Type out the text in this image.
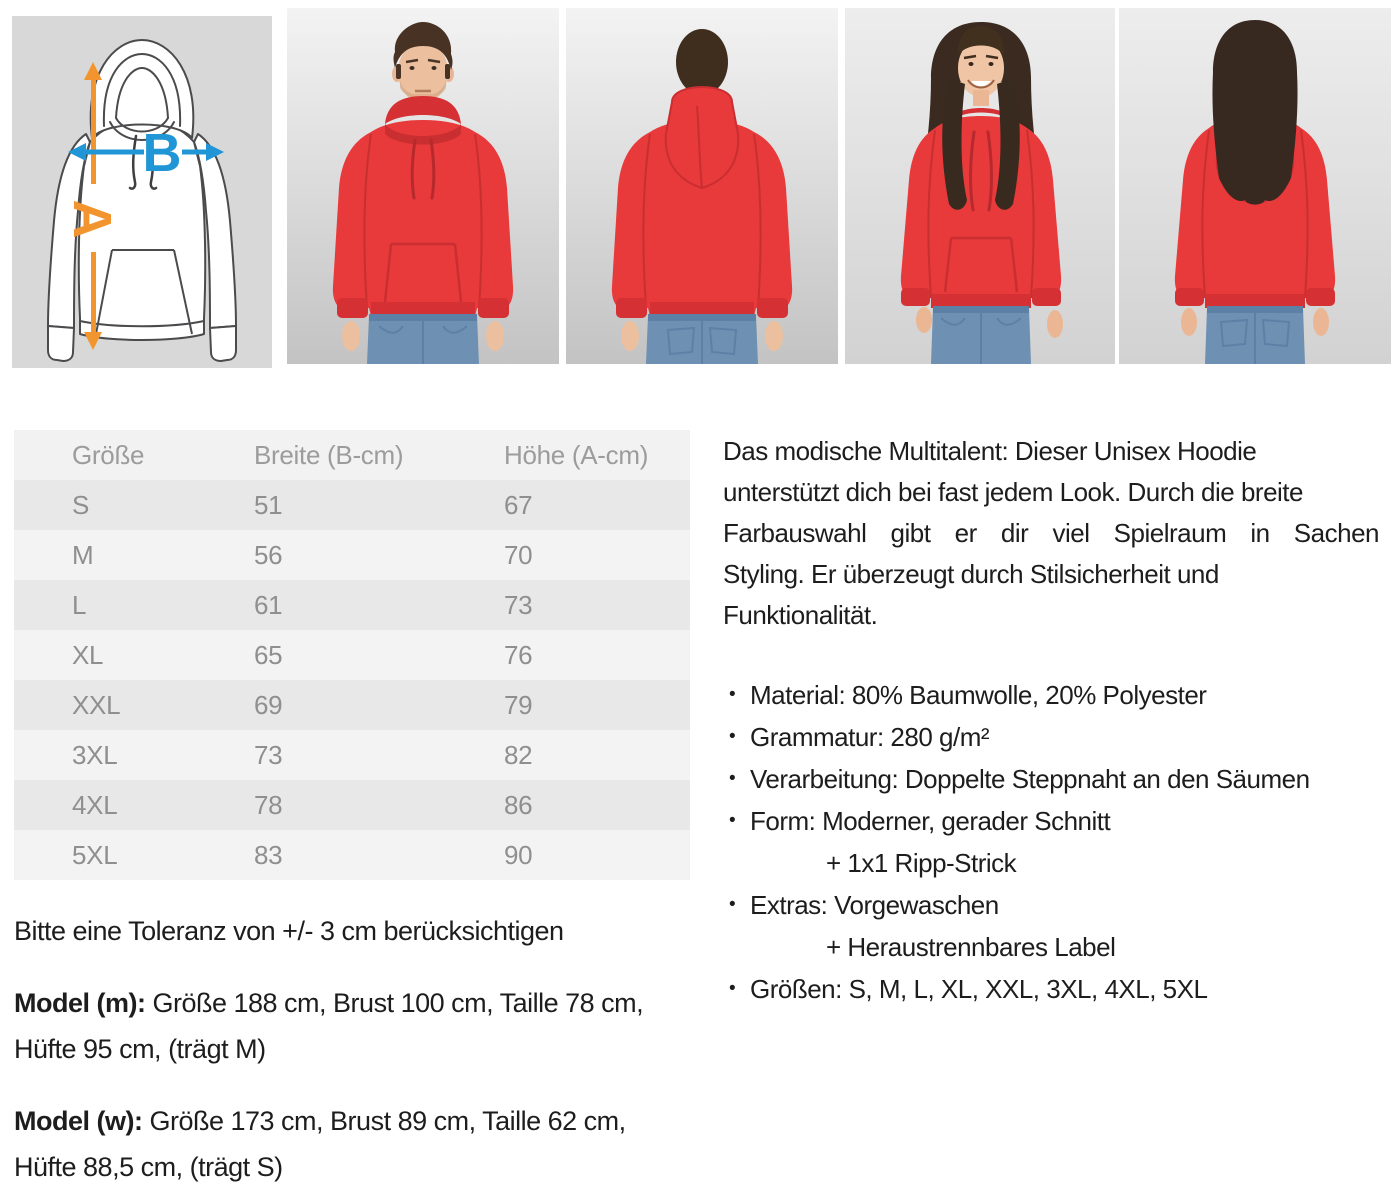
A
B
Größe	Breite (B-cm)	Höhe (A-cm)
S	51	67
M	56	70
L	61	73
XL	65	76
XXL	69	79
3XL	73	82
4XL	78	86
5XL	83	90
Das modische Multitalent: Dieser Unisex Hoodie
unterstützt dich bei fast jedem Look. Durch die breite
Farbauswahl gibt er dir viel Spielraum in Sachen
Styling. Er überzeugt durch Stilsicherheit und
Funktionalität.
• Material: 80% Baumwolle, 20% Polyester
• Grammatur: 280 g/m²
• Verarbeitung: Doppelte Steppnaht an den Säumen
• Form: Moderner, gerader Schnitt
+ 1x1 Ripp-Strick
• Extras: Vorgewaschen
+ Heraustrennbares Label
• Größen: S, M, L, XL, XXL, 3XL, 4XL, 5XL
Bitte eine Toleranz von +/- 3 cm berücksichtigen
Model (m): Größe 188 cm, Brust 100 cm, Taille 78 cm,
Hüfte 95 cm, (trägt M)
Model (w): Größe 173 cm, Brust 89 cm, Taille 62 cm,
Hüfte 88,5 cm, (trägt S)
